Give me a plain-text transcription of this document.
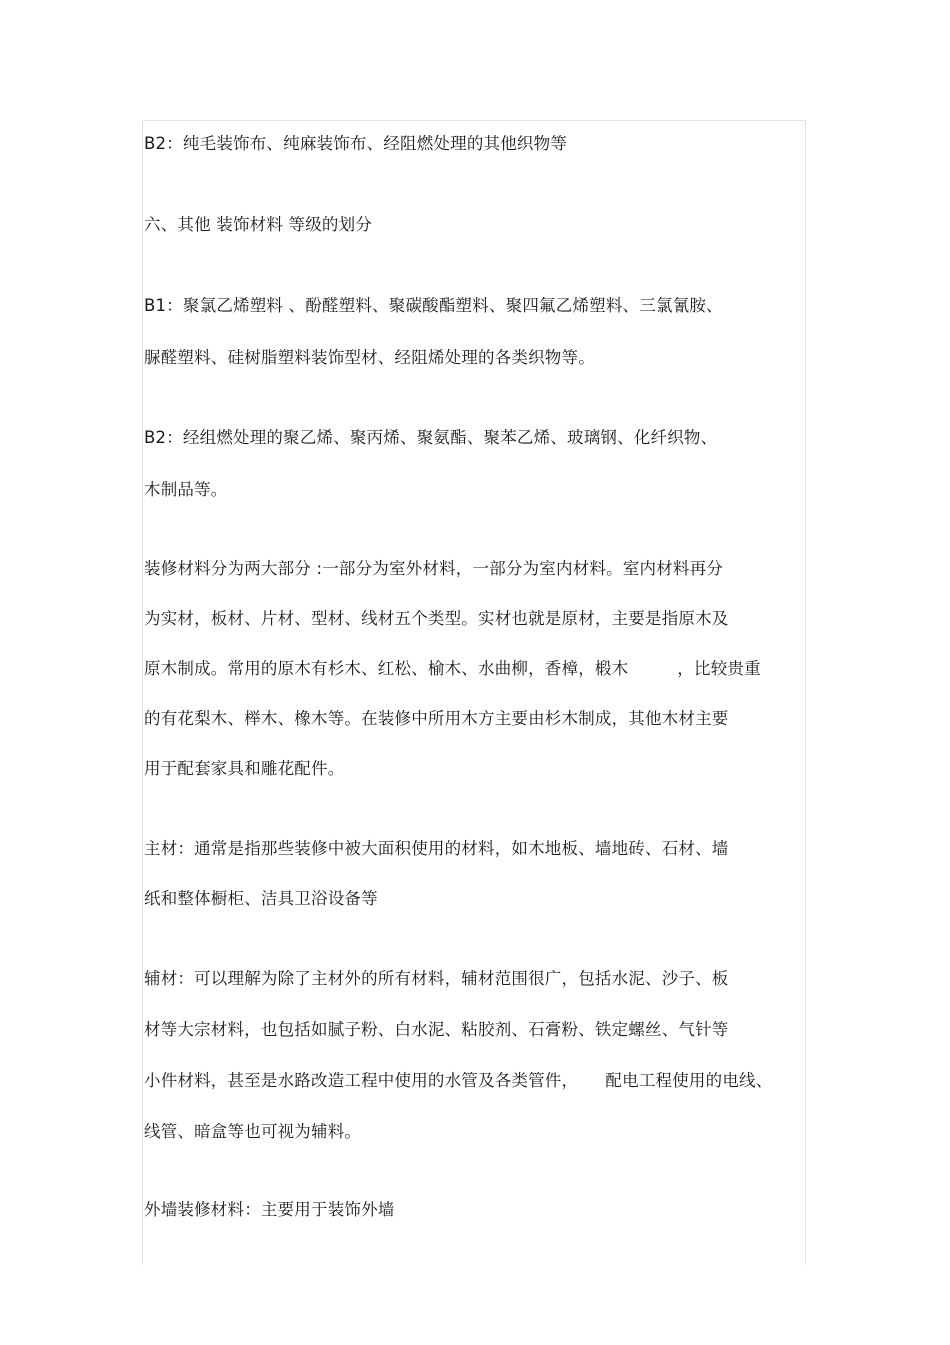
B2：纯毛装饰布、纯麻装饰布、经阻燃处理的其他织物等
六、其他 装饰材料 等级的划分
B1：聚氯乙烯塑料 、酚醛塑料、聚碳酸酯塑料、聚四氟乙烯塑料、三氯氰胺、
脲醛塑料、硅树脂塑料装饰型材、经阻烯处理的各类织物等。
B2：经组燃处理的聚乙烯、聚丙烯、聚氨酯、聚苯乙烯、玻璃钢、化纤织物、
木制品等。
装修材料分为两大部分 :一部分为室外材料，一部分为室内材料。室内材料再分
为实材，板材、片材、型材、线材五个类型。实材也就是原材，主要是指原木及
原木制成。常用的原木有杉木、红松、榆木、水曲柳，香樟，椴木         ，比较贵重
的有花梨木、榉木、橡木等。在装修中所用木方主要由杉木制成，其他木材主要
用于配套家具和雕花配件。
主材：通常是指那些装修中被大面积使用的材料，如木地板、墙地砖、石材、墙
纸和整体橱柜、洁具卫浴设备等
辅材：可以理解为除了主材外的所有材料，辅材范围很广，包括水泥、沙子、板
材等大宗材料，也包括如腻子粉、白水泥、粘胶剂、石膏粉、铁定螺丝、气针等
小件材料，甚至是水路改造工程中使用的水管及各类管件，     配电工程使用的电线、
线管、暗盒等也可视为辅料。
外墙装修材料：主要用于装饰外墙
